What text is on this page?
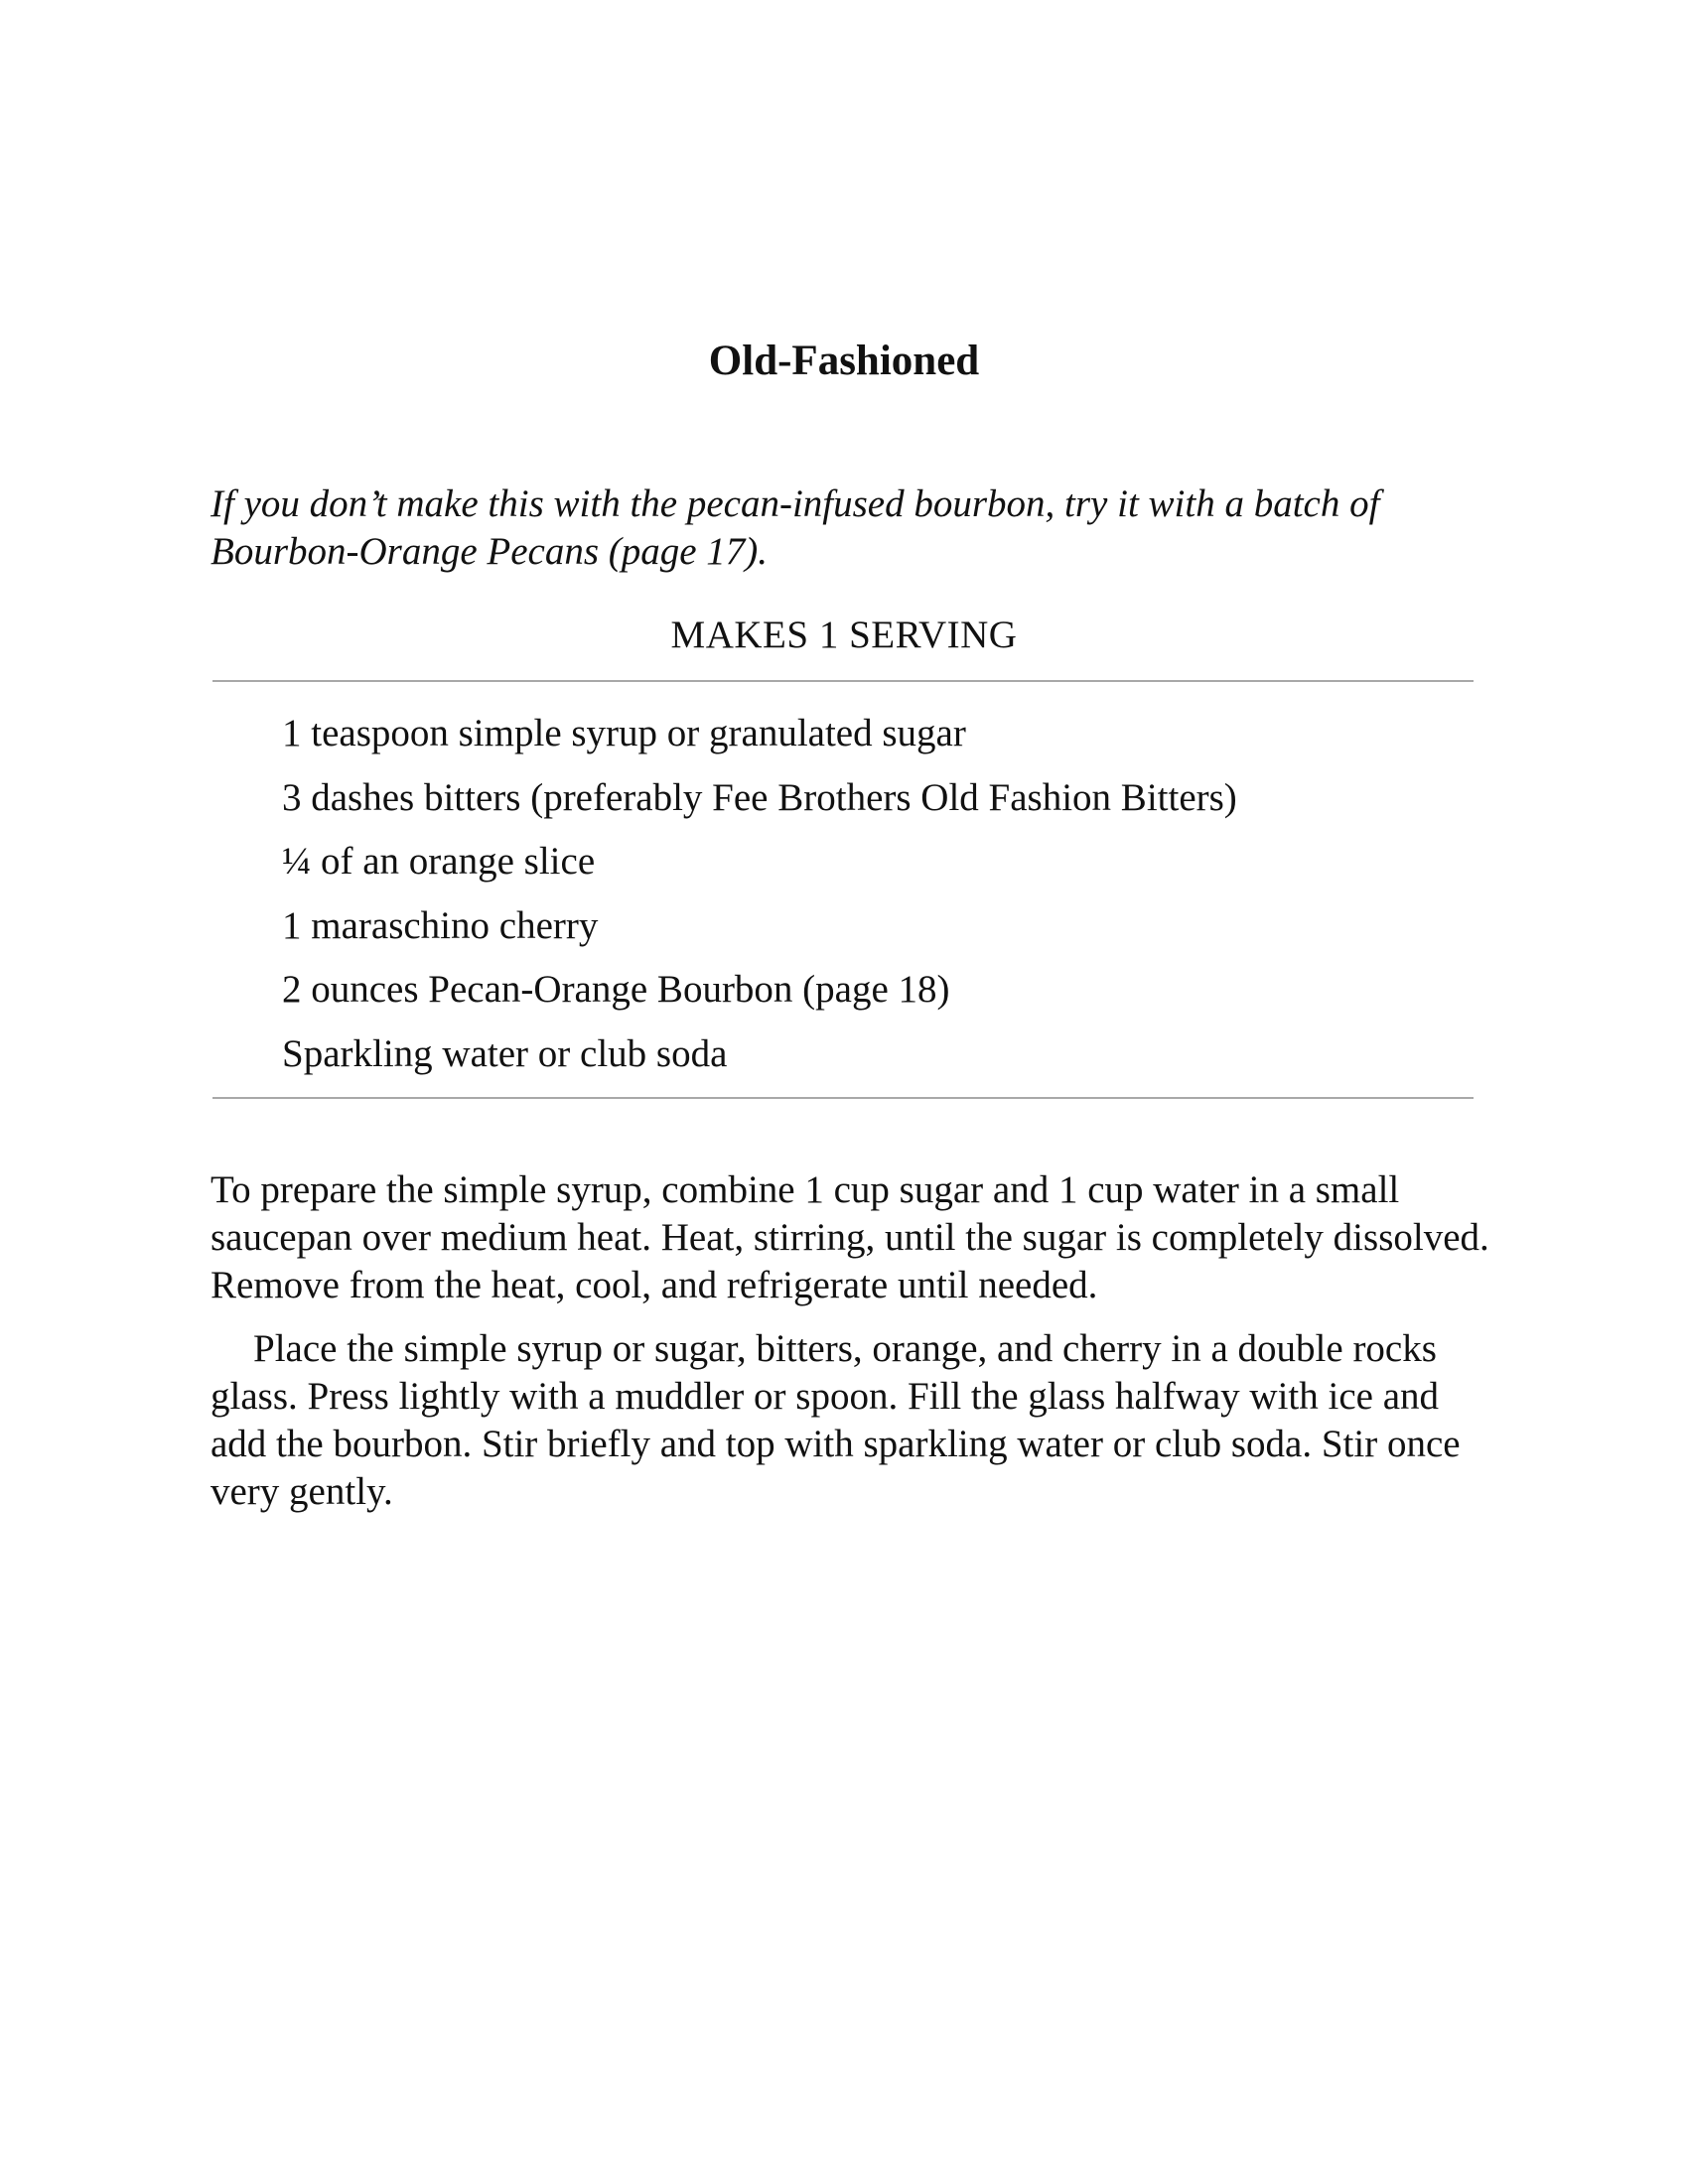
Old-Fashioned
If you don’t make this with the pecan-infused bourbon, try it with a batch of Bourbon-Orange Pecans (page 17).
MAKES 1 SERVING
1 teaspoon simple syrup or granulated sugar
3 dashes bitters (preferably Fee Brothers Old Fashion Bitters)
¼ of an orange slice
1 maraschino cherry
2 ounces Pecan-Orange Bourbon (page 18)
Sparkling water or club soda

To prepare the simple syrup, combine 1 cup sugar and 1 cup water in a small saucepan over medium heat. Heat, stirring, until the sugar is completely dissolved. Remove from the heat, cool, and refrigerate until needed.

Place the simple syrup or sugar, bitters, orange, and cherry in a double rocks glass. Press lightly with a muddler or spoon. Fill the glass halfway with ice and add the bourbon. Stir briefly and top with sparkling water or club soda. Stir once very gently.
